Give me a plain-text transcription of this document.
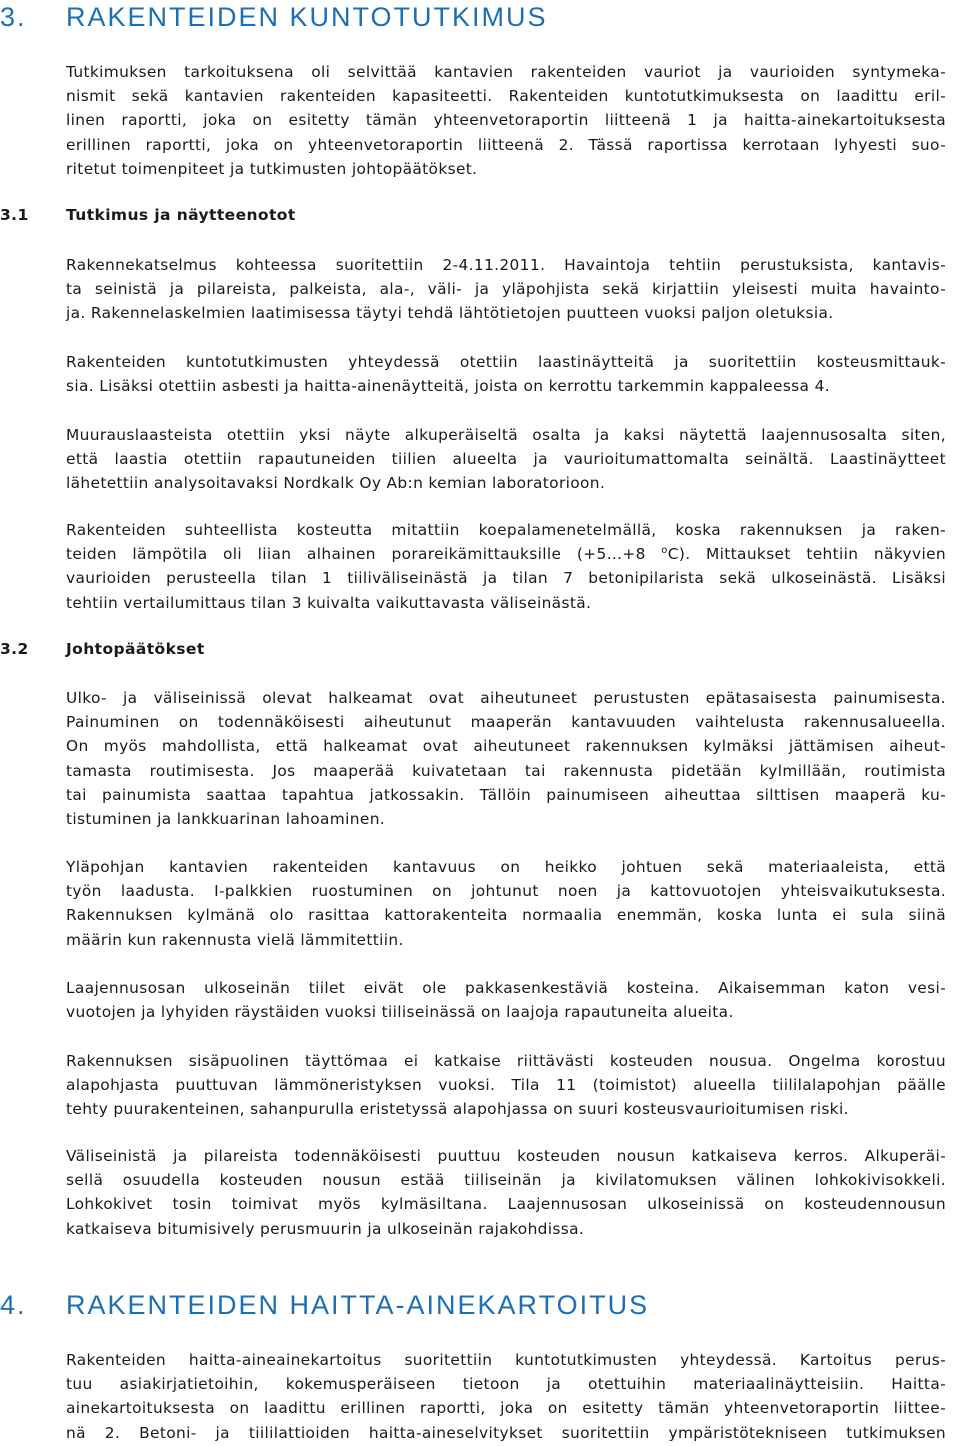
3. RAKENTEIDEN KUNTOTUTKIMUS
Tutkimuksen tarkoituksena oli selvittää kantavien rakenteiden vauriot ja vaurioiden syntymeka-
nismit sekä kantavien rakenteiden kapasiteetti. Rakenteiden kuntotutkimuksesta on laadittu eril-
linen raportti, joka on esitetty tämän yhteenvetoraportin liitteenä 1 ja haitta-ainekartoituksesta
erillinen raportti, joka on yhteenvetoraportin liitteenä 2. Tässä raportissa kerrotaan lyhyesti suo-
ritetut toimenpiteet ja tutkimusten johtopäätökset.
3.1 Tutkimus ja näytteenotot
Rakennekatselmus kohteessa suoritettiin 2-4.11.2011. Havaintoja tehtiin perustuksista, kantavis-
ta seinistä ja pilareista, palkeista, ala-, väli- ja yläpohjista sekä kirjattiin yleisesti muita havainto-
ja. Rakennelaskelmien laatimisessa täytyi tehdä lähtötietojen puutteen vuoksi paljon oletuksia.
Rakenteiden kuntotutkimusten yhteydessä otettiin laastinäytteitä ja suoritettiin kosteusmittauk-
sia. Lisäksi otettiin asbesti ja haitta-ainenäytteitä, joista on kerrottu tarkemmin kappaleessa 4.
Muurauslaasteista otettiin yksi näyte alkuperäiseltä osalta ja kaksi näytettä laajennusosalta siten,
että laastia otettiin rapautuneiden tiilien alueelta ja vaurioitumattomalta seinältä. Laastinäytteet
lähetettiin analysoitavaksi Nordkalk Oy Ab:n kemian laboratorioon.
Rakenteiden suhteellista kosteutta mitattiin koepalamenetelmällä, koska rakennuksen ja raken-
teiden lämpötila oli liian alhainen porareikämittauksille (+5…+8 $^o$C). Mittaukset tehtiin näkyvien
vaurioiden perusteella tilan 1 tiiliväliseinästä ja tilan 7 betonipilarista sekä ulkoseinästä. Lisäksi
tehtiin vertailumittaus tilan 3 kuivalta vaikuttavasta väliseinästä.
3.2 Johtopäätökset
Ulko- ja väliseinissä olevat halkeamat ovat aiheutuneet perustusten epätasaisesta painumisesta.
Painuminen on todennäköisesti aiheutunut maaperän kantavuuden vaihtelusta rakennusalueella.
On myös mahdollista, että halkeamat ovat aiheutuneet rakennuksen kylmäksi jättämisen aiheut-
tamasta routimisesta. Jos maaperää kuivatetaan tai rakennusta pidetään kylmillään, routimista
tai painumista saattaa tapahtua jatkossakin. Tällöin painumiseen aiheuttaa silttisen maaperä ku-
tistuminen ja lankkuarinan lahoaminen.
Yläpohjan kantavien rakenteiden kantavuus on heikko johtuen sekä materiaaleista, että
työn laadusta. I-palkkien ruostuminen on johtunut noen ja kattovuotojen yhteisvaikutuksesta.
Rakennuksen kylmänä olo rasittaa kattorakenteita normaalia enemmän, koska lunta ei sula siinä
määrin kun rakennusta vielä lämmitettiin.
Laajennusosan ulkoseinän tiilet eivät ole pakkasenkestäviä kosteina. Aikaisemman katon vesi-
vuotojen ja lyhyiden räystäiden vuoksi tiiliseinässä on laajoja rapautuneita alueita.
Rakennuksen sisäpuolinen täyttömaa ei katkaise riittävästi kosteuden nousua. Ongelma korostuu
alapohjasta puuttuvan lämmöneristyksen vuoksi. Tila 11 (toimistot) alueella tiililalapohjan päälle
tehty puurakenteinen, sahanpurulla eristetyssä alapohjassa on suuri kosteusvaurioitumisen riski.
Väliseinistä ja pilareista todennäköisesti puuttuu kosteuden nousun katkaiseva kerros. Alkuperäi-
sellä osuudella kosteuden nousun estää tiiliseinän ja kivilatomuksen välinen lohkokivisokkeli.
Lohkokivet tosin toimivat myös kylmäsiltana. Laajennusosan ulkoseinissä on kosteudennousun
katkaiseva bitumisively perusmuurin ja ulkoseinän rajakohdissa.
4. RAKENTEIDEN HAITTA-AINEKARTOITUS
Rakenteiden haitta-aineainekartoitus suoritettiin kuntotutkimusten yhteydessä. Kartoitus perus-
tuu asiakirjatietoihin, kokemusperäiseen tietoon ja otettuihin materiaalinäytteisiin. Haitta-
ainekartoituksesta on laadittu erillinen raportti, joka on esitetty tämän yhteenvetoraportin liittee-
nä 2. Betoni- ja tiililattioiden haitta-aineselvitykset suoritettiin ympäristötekniseen tutkimuksen
